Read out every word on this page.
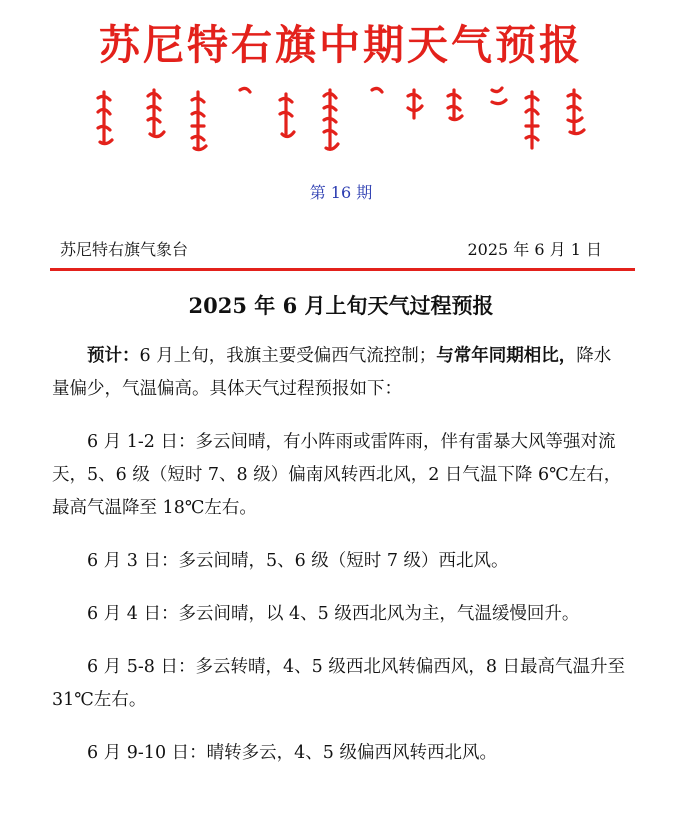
苏尼特右旗中期天气预报
第 16 期
苏尼特右旗气象台	2025 年 6 月 1 日
2025 年 6 月上旬天气过程预报

预计：6 月上旬，我旗主要受偏西气流控制；与常年同期相比，降水量偏少，气温偏高。具体天气过程预报如下：

6 月 1-2 日：多云间晴，有小阵雨或雷阵雨，伴有雷暴大风等强对流天，5、6 级（短时 7、8 级）偏南风转西北风，2 日气温下降 6℃左右，最高气温降至 18℃左右。

6 月 3 日：多云间晴，5、6 级（短时 7 级）西北风。

6 月 4 日：多云间晴，以 4、5 级西北风为主，气温缓慢回升。

6 月 5-8 日：多云转晴，4、5 级西北风转偏西风，8 日最高气温升至 31℃左右。

6 月 9-10 日：晴转多云，4、5 级偏西风转西北风。
